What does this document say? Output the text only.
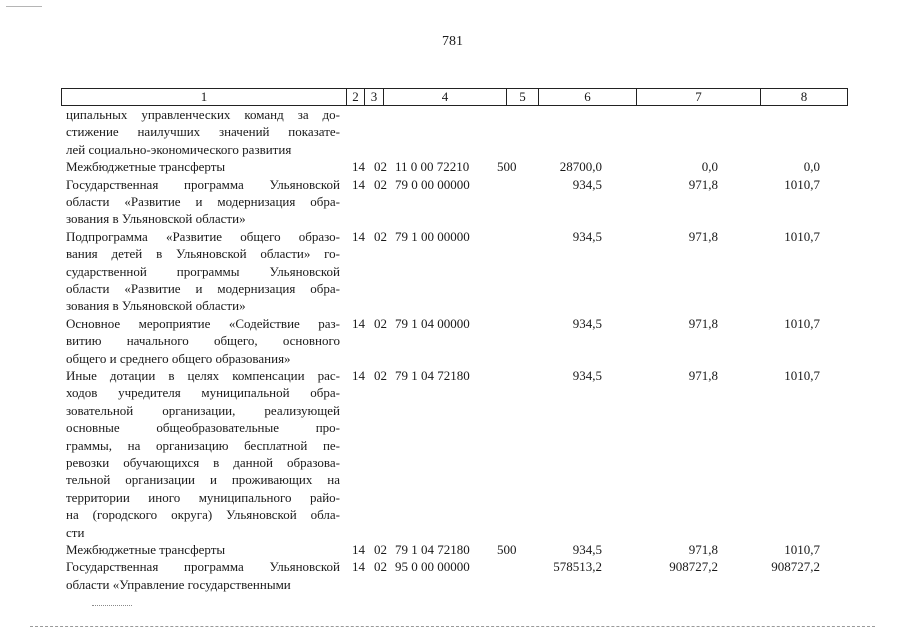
781
1	2 3	4	5	6	7	8
ципальных управленческих команд за до-
стижение наилучших значений показате-
лей социально-экономического развития
Межбюджетные трансферты	14 02 11 0 00 72210 500	28700,0	0,0	0,0
Государственная программа Ульяновской
области «Развитие и модернизация обра-
зования в Ульяновской области»
14 02 79 0 00 00000	934,5	971,8	1010,7
Подпрограмма «Развитие общего образо-
вания детей в Ульяновской области» го-
сударственной программы Ульяновской
области «Развитие и модернизация обра-
зования в Ульяновской области»
14 02 79 1 00 00000	934,5	971,8	1010,7
Основное мероприятие «Содействие раз-
витию начального общего, основного
общего и среднего общего образования»
14 02 79 1 04 00000	934,5	971,8	1010,7
Иные дотации в целях компенсации рас-
ходов учредителя муниципальной обра-
зовательной организации, реализующей
основные общеобразовательные про-
граммы, на организацию бесплатной пе-
ревозки обучающихся в данной образова-
тельной организации и проживающих на
территории иного муниципального райо-
на (городского округа) Ульяновской обла-
сти
14 02 79 1 04 72180	934,5	971,8	1010,7
Межбюджетные трансферты	14 02 79 1 04 72180 500	934,5	971,8	1010,7
Государственная программа Ульяновской
области «Управление государственными
14 02 95 0 00 00000	578513,2	908727,2	908727,2
